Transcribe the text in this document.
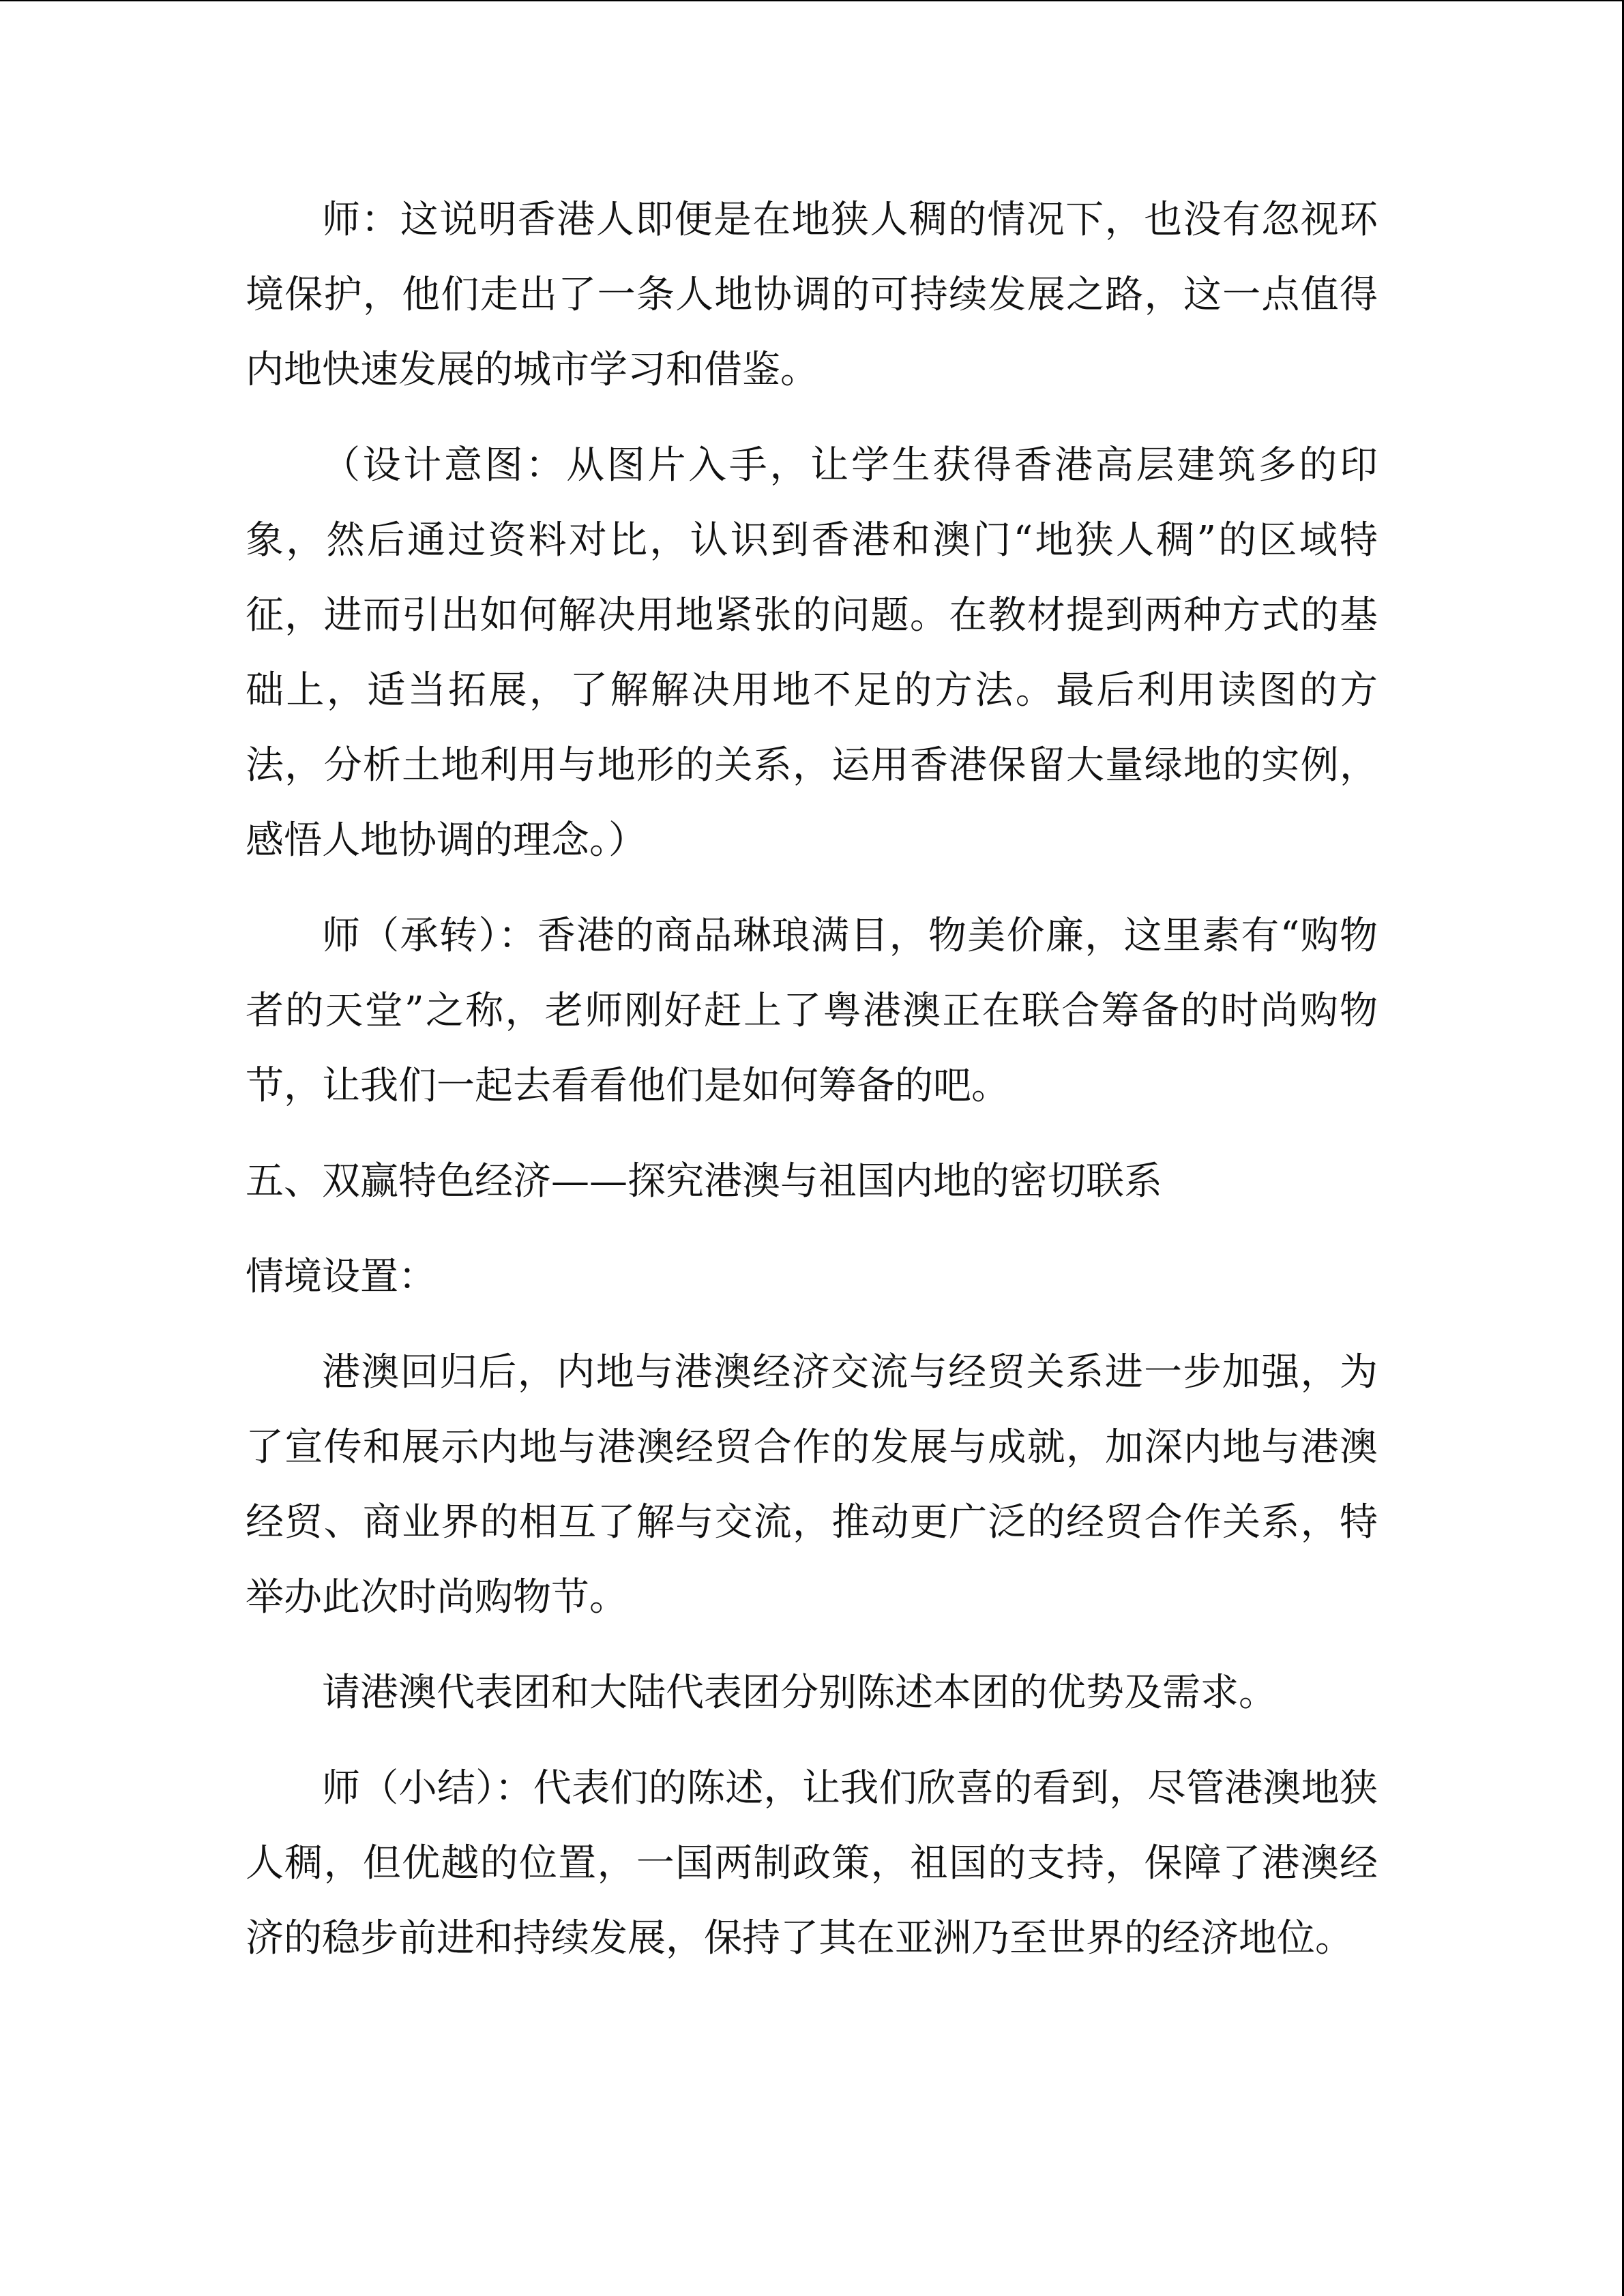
师：这说明香港人即便是在地狭人稠的情况下，也没有忽视环境保护，他们走出了一条人地协调的可持续发展之路，这一点值得内地快速发展的城市学习和借鉴。

（设计意图：从图片入手，让学生获得香港高层建筑多的印象，然后通过资料对比，认识到香港和澳门“地狭人稠”的区域特征，进而引出如何解决用地紧张的问题。在教材提到两种方式的基础上，适当拓展，了解解决用地不足的方法。最后利用读图的方法，分析土地利用与地形的关系，运用香港保留大量绿地的实例，感悟人地协调的理念。）

师（承转）：香港的商品琳琅满目，物美价廉，这里素有“购物者的天堂”之称，老师刚好赶上了粤港澳正在联合筹备的时尚购物节，让我们一起去看看他们是如何筹备的吧。

五、双赢特色经济——探究港澳与祖国内地的密切联系

情境设置：

港澳回归后，内地与港澳经济交流与经贸关系进一步加强，为了宣传和展示内地与港澳经贸合作的发展与成就，加深内地与港澳经贸、商业界的相互了解与交流，推动更广泛的经贸合作关系，特举办此次时尚购物节。

请港澳代表团和大陆代表团分别陈述本团的优势及需求。

师（小结）：代表们的陈述，让我们欣喜的看到，尽管港澳地狭人稠，但优越的位置，一国两制政策，祖国的支持，保障了港澳经济的稳步前进和持续发展，保持了其在亚洲乃至世界的经济地位。
